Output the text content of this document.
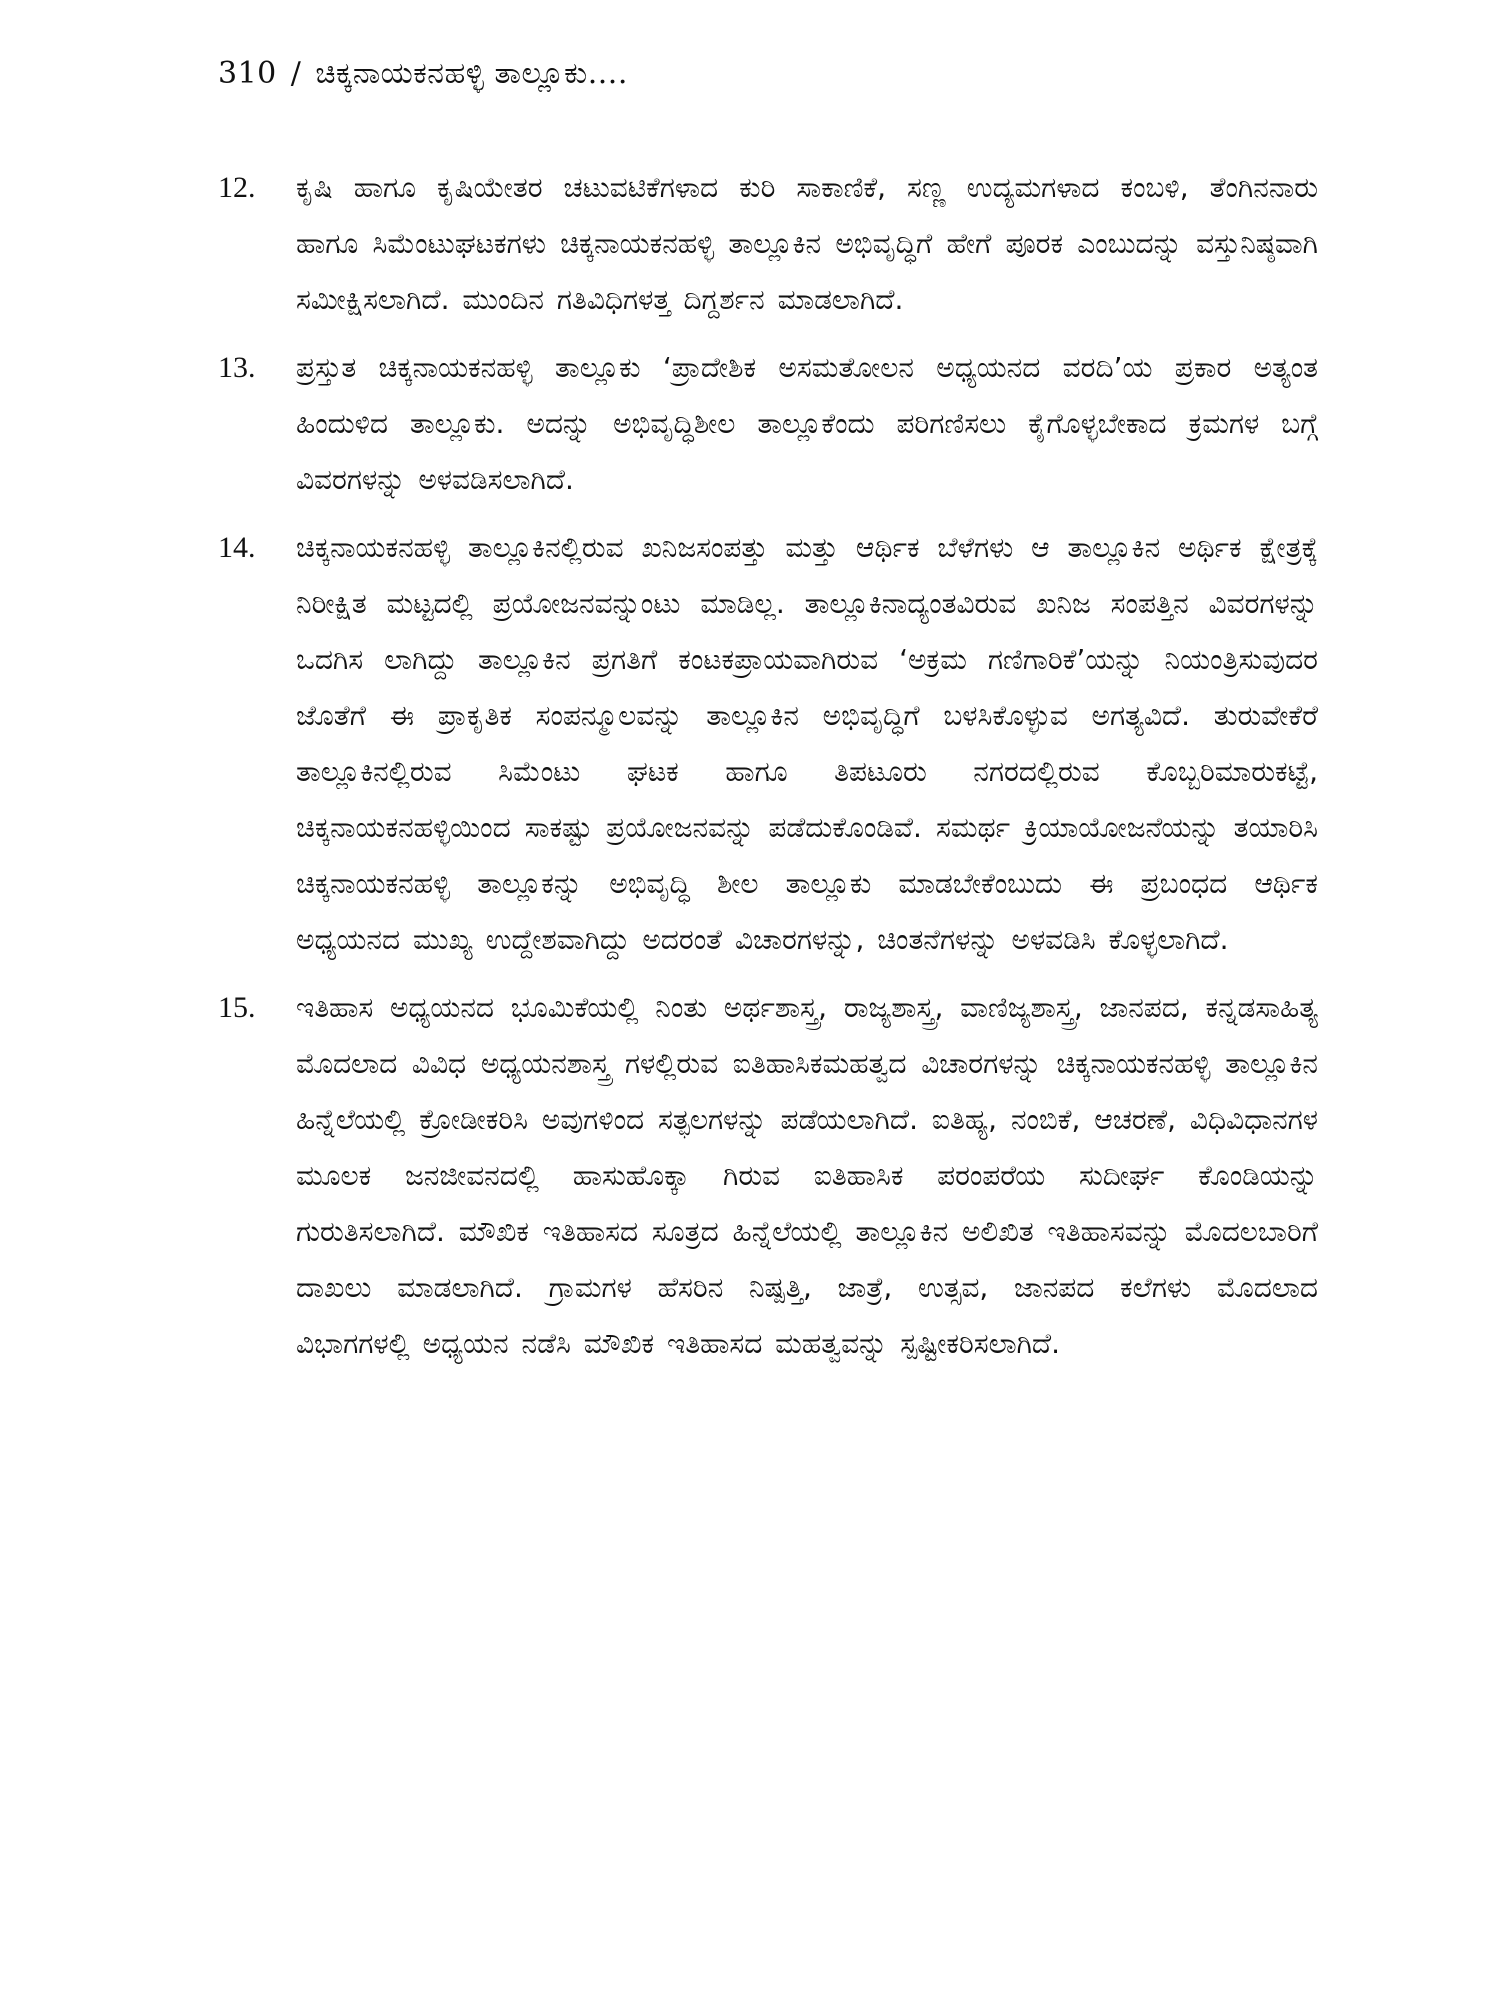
310 / ಚಿಕ್ಕನಾಯಕನಹಳ್ಳಿ ತಾಲ್ಲೂಕು....
12.	ಕೃಷಿ ಹಾಗೂ ಕೃಷಿಯೇತರ ಚಟುವಟಿಕೆಗಳಾದ ಕುರಿ ಸಾಕಾಣಿಕೆ, ಸಣ್ಣ ಉದ್ಯಮಗಳಾದ ಕಂಬಳಿ, ತೆಂಗಿನನಾರು ಹಾಗೂ ಸಿಮೆಂಟುಘಟಕಗಳು ಚಿಕ್ಕನಾಯಕನಹಳ್ಳಿ ತಾಲ್ಲೂಕಿನ ಅಭಿವೃದ್ಧಿಗೆ ಹೇಗೆ ಪೂರಕ ಎಂಬುದನ್ನು ವಸ್ತುನಿಷ್ಠವಾಗಿ ಸಮೀಕ್ಷಿಸಲಾಗಿದೆ. ಮುಂದಿನ ಗತಿವಿಧಿಗಳತ್ತ ದಿಗ್ದರ್ಶನ ಮಾಡಲಾಗಿದೆ.
13.	ಪ್ರಸ್ತುತ ಚಿಕ್ಕನಾಯಕನಹಳ್ಳಿ ತಾಲ್ಲೂಕು ‘ಪ್ರಾದೇಶಿಕ ಅಸಮತೋಲನ ಅಧ್ಯಯನದ ವರದಿ’ಯ ಪ್ರಕಾರ ಅತ್ಯಂತ ಹಿಂದುಳಿದ ತಾಲ್ಲೂಕು. ಅದನ್ನು ಅಭಿವೃದ್ಧಿಶೀಲ ತಾಲ್ಲೂಕೆಂದು ಪರಿಗಣಿಸಲು ಕೈಗೊಳ್ಳಬೇಕಾದ ಕ್ರಮಗಳ ಬಗ್ಗೆ ವಿವರಗಳನ್ನು ಅಳವಡಿಸಲಾಗಿದೆ.
14.	ಚಿಕ್ಕನಾಯಕನಹಳ್ಳಿ ತಾಲ್ಲೂಕಿನಲ್ಲಿರುವ ಖನಿಜಸಂಪತ್ತು ಮತ್ತು ಆರ್ಥಿಕ ಬೆಳೆಗಳು ಆ ತಾಲ್ಲೂಕಿನ ಅರ್ಥಿಕ ಕ್ಷೇತ್ರಕ್ಕೆ ನಿರೀಕ್ಷಿತ ಮಟ್ಟದಲ್ಲಿ ಪ್ರಯೋಜನವನ್ನುಂಟು ಮಾಡಿಲ್ಲ. ತಾಲ್ಲೂಕಿನಾದ್ಯಂತವಿರುವ ಖನಿಜ ಸಂಪತ್ತಿನ ವಿವರಗಳನ್ನು ಒದಗಿಸ ಲಾಗಿದ್ದು ತಾಲ್ಲೂಕಿನ ಪ್ರಗತಿಗೆ ಕಂಟಕಪ್ರಾಯವಾಗಿರುವ ‘ಅಕ್ರಮ ಗಣಿಗಾರಿಕೆ’ಯನ್ನು ನಿಯಂತ್ರಿಸುವುದರ ಜೊತೆಗೆ ಈ ಪ್ರಾಕೃತಿಕ ಸಂಪನ್ಮೂಲವನ್ನು ತಾಲ್ಲೂಕಿನ ಅಭಿವೃದ್ಧಿಗೆ ಬಳಸಿಕೊಳ್ಳುವ ಅಗತ್ಯವಿದೆ. ತುರುವೇಕೆರೆ ತಾಲ್ಲೂಕಿನಲ್ಲಿರುವ ಸಿಮೆಂಟು ಘಟಕ ಹಾಗೂ ತಿಪಟೂರು ನಗರದಲ್ಲಿರುವ ಕೊಬ್ಬರಿಮಾರುಕಟ್ಟೆ, ಚಿಕ್ಕನಾಯಕನಹಳ್ಳಿಯಿಂದ ಸಾಕಷ್ಟು ಪ್ರಯೋಜನವನ್ನು ಪಡೆದುಕೊಂಡಿವೆ. ಸಮರ್ಥ ಕ್ರಿಯಾಯೋಜನೆಯನ್ನು ತಯಾರಿಸಿ ಚಿಕ್ಕನಾಯಕನಹಳ್ಳಿ ತಾಲ್ಲೂಕನ್ನು ಅಭಿವೃದ್ಧಿ ಶೀಲ ತಾಲ್ಲೂಕು ಮಾಡಬೇಕೆಂಬುದು ಈ ಪ್ರಬಂಧದ ಆರ್ಥಿಕ ಅಧ್ಯಯನದ ಮುಖ್ಯ ಉದ್ದೇಶವಾಗಿದ್ದು ಅದರಂತೆ ವಿಚಾರಗಳನ್ನು, ಚಿಂತನೆಗಳನ್ನು ಅಳವಡಿಸಿ ಕೊಳ್ಳಲಾಗಿದೆ.
15.	ಇತಿಹಾಸ ಅಧ್ಯಯನದ ಭೂಮಿಕೆಯಲ್ಲಿ ನಿಂತು ಅರ್ಥಶಾಸ್ತ್ರ, ರಾಜ್ಯಶಾಸ್ತ್ರ, ವಾಣಿಜ್ಯಶಾಸ್ತ್ರ, ಜಾನಪದ, ಕನ್ನಡಸಾಹಿತ್ಯ ಮೊದಲಾದ ವಿವಿಧ ಅಧ್ಯಯನಶಾಸ್ತ್ರ ಗಳಲ್ಲಿರುವ ಐತಿಹಾಸಿಕಮಹತ್ವದ ವಿಚಾರಗಳನ್ನು ಚಿಕ್ಕನಾಯಕನಹಳ್ಳಿ ತಾಲ್ಲೂಕಿನ ಹಿನ್ನೆಲೆಯಲ್ಲಿ ಕ್ರೋಡೀಕರಿಸಿ ಅವುಗಳಿಂದ ಸತ್ಫಲಗಳನ್ನು ಪಡೆಯಲಾಗಿದೆ. ಐತಿಹ್ಯ, ನಂಬಿಕೆ, ಆಚರಣೆ, ವಿಧಿವಿಧಾನಗಳ ಮೂಲಕ ಜನಜೀವನದಲ್ಲಿ ಹಾಸುಹೊಕ್ಕಾ ಗಿರುವ ಐತಿಹಾಸಿಕ ಪರಂಪರೆಯ ಸುದೀರ್ಘ ಕೊಂಡಿಯನ್ನು ಗುರುತಿಸಲಾಗಿದೆ. ಮೌಖಿಕ ಇತಿಹಾಸದ ಸೂತ್ರದ ಹಿನ್ನೆಲೆಯಲ್ಲಿ ತಾಲ್ಲೂಕಿನ ಅಲಿಖಿತ ಇತಿಹಾಸವನ್ನು ಮೊದಲಬಾರಿಗೆ ದಾಖಲು ಮಾಡಲಾಗಿದೆ. ಗ್ರಾಮಗಳ ಹೆಸರಿನ ನಿಷ್ಪತ್ತಿ, ಜಾತ್ರೆ, ಉತ್ಸವ, ಜಾನಪದ ಕಲೆಗಳು ಮೊದಲಾದ ವಿಭಾಗಗಳಲ್ಲಿ ಅಧ್ಯಯನ ನಡೆಸಿ ಮೌಖಿಕ ಇತಿಹಾಸದ ಮಹತ್ವವನ್ನು ಸ್ಪಷ್ಟೀಕರಿಸಲಾಗಿದೆ.
